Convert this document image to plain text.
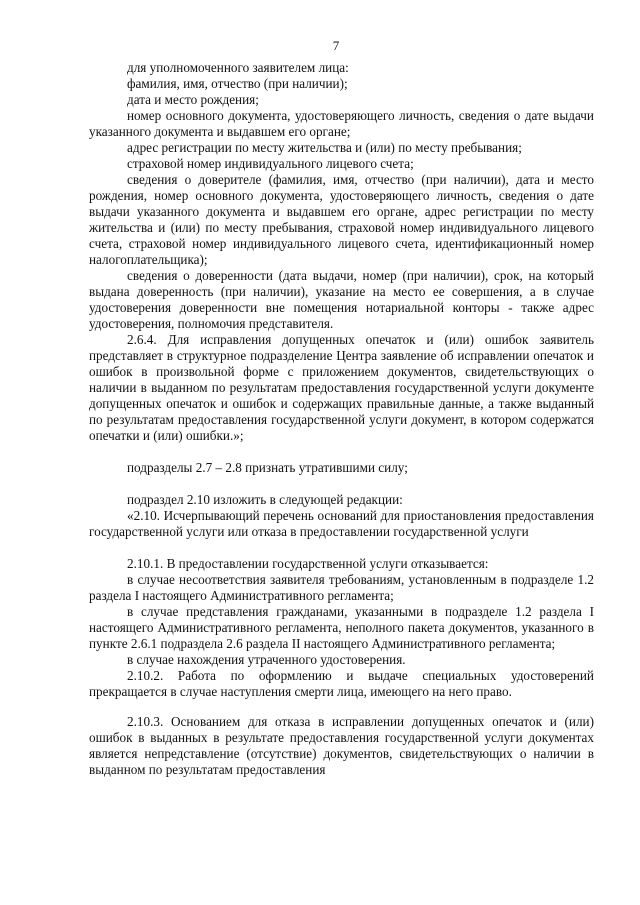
7

для уполномоченного заявителем лица:

фамилия, имя, отчество (при наличии);

дата и место рождения;

номер основного документа, удостоверяющего личность, сведения о дате выдачи указанного документа и выдавшем его органе;

адрес регистрации по месту жительства и (или) по месту пребывания;

страховой номер индивидуального лицевого счета;

сведения о доверителе (фамилия, имя, отчество (при наличии), дата и место рождения, номер основного документа, удостоверяющего личность, сведения о дате выдачи указанного документа и выдавшем его органе, адрес регистрации по месту жительства и (или) по месту пребывания, страховой номер индивидуального лицевого счета, страховой номер индивидуального лицевого счета, идентификационный номер налогоплательщика);

сведения о доверенности (дата выдачи, номер (при наличии), срок, на который выдана доверенность (при наличии), указание на место ее совершения, а в случае удостоверения доверенности вне помещения нотариальной конторы - также адрес удостоверения, полномочия представителя.

2.6.4. Для исправления допущенных опечаток и (или) ошибок заявитель представляет в структурное подразделение Центра заявление об исправлении опечаток и ошибок в произвольной форме с приложением документов, свидетельствующих о наличии в выданном по результатам предоставления государственной услуги документе допущенных опечаток и ошибок и содержащих правильные данные, а также выданный по результатам предоставления государственной услуги документ, в котором содержатся опечатки и (или) ошибки.»;

подразделы 2.7 – 2.8 признать утратившими силу;

подраздел 2.10 изложить в следующей редакции:

«2.10. Исчерпывающий перечень оснований для приостановления предоставления государственной услуги или отказа в предоставлении государственной услуги

2.10.1. В предоставлении государственной услуги отказывается:

в случае несоответствия заявителя требованиям, установленным в подразделе 1.2 раздела I настоящего Административного регламента;

в случае представления гражданами, указанными в подразделе 1.2 раздела I настоящего Административного регламента, неполного пакета документов, указанного в пункте 2.6.1 подраздела 2.6 раздела II настоящего Административного регламента;

в случае нахождения утраченного удостоверения.

2.10.2. Работа по оформлению и выдаче специальных удостоверений прекращается в случае наступления смерти лица, имеющего на него право.

2.10.3. Основанием для отказа в исправлении допущенных опечаток и (или) ошибок в выданных в результате предоставления государственной услуги документах является непредставление (отсутствие) документов, свидетельствующих о наличии в выданном по результатам предоставления
